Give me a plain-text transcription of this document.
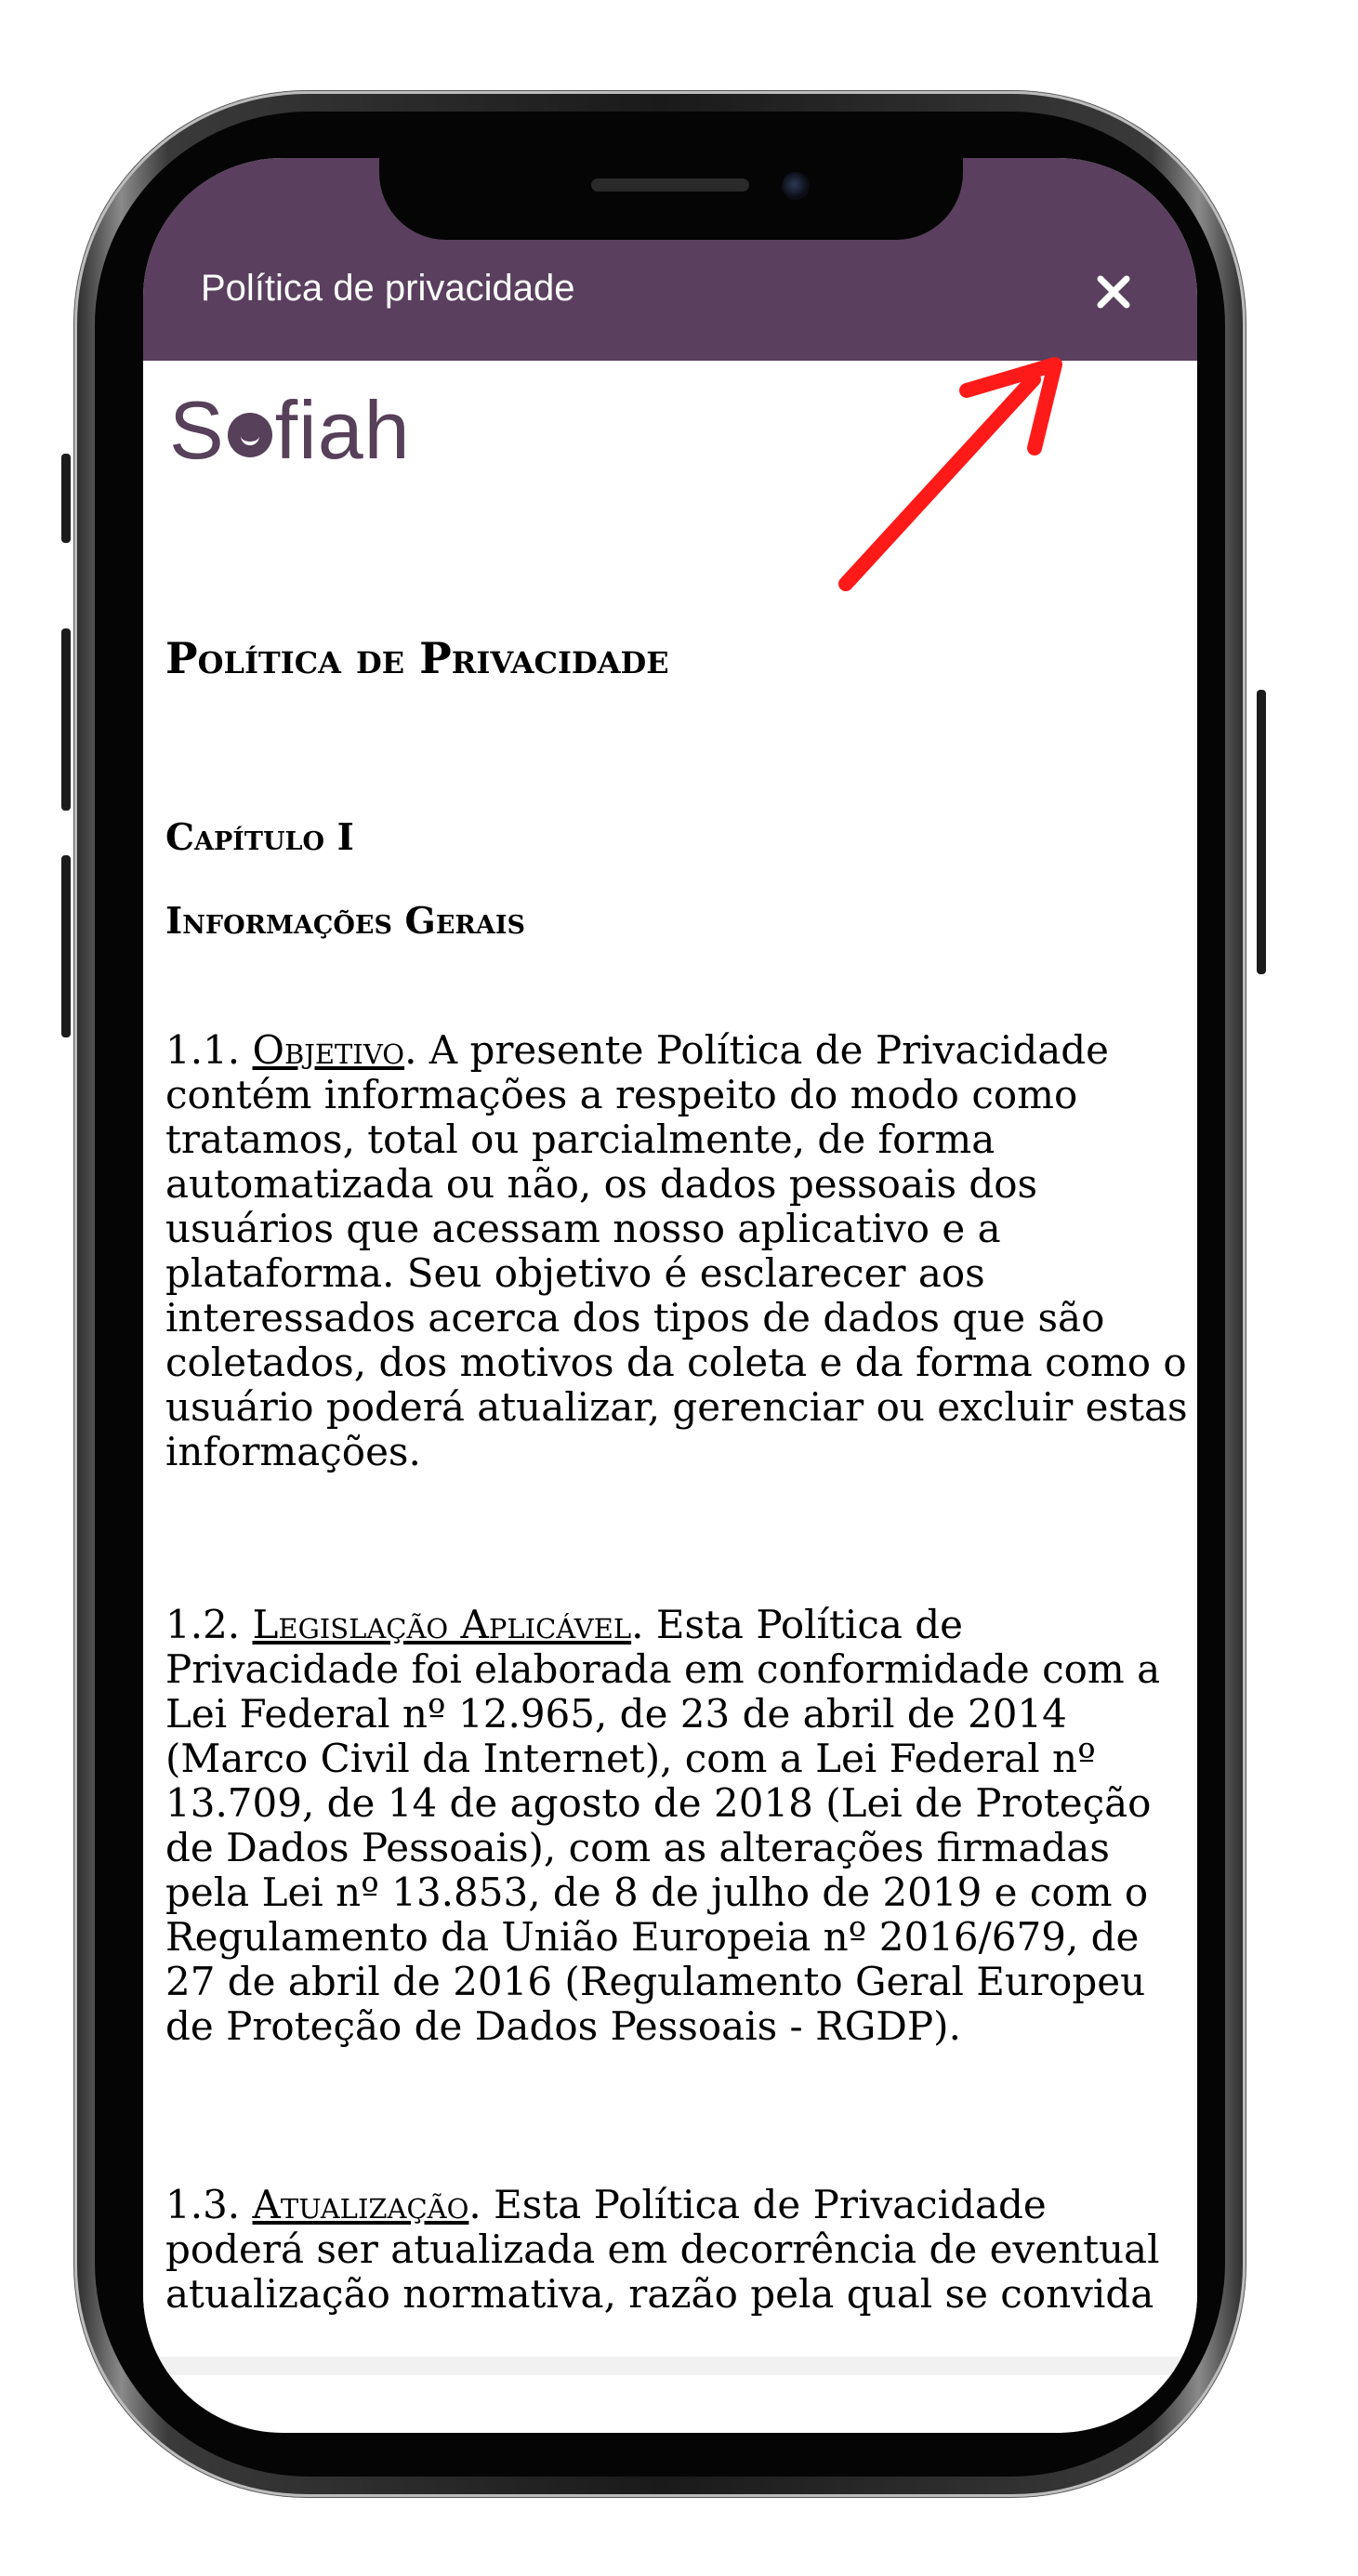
Política de privacidade
S fiah
Política de Privacidade
Capítulo I
Informações Gerais
1.1. Objetivo. A presente Política de Privacidade contém informações a respeito do modo como tratamos, total ou parcialmente, de forma automatizada ou não, os dados pessoais dos usuários que acessam nosso aplicativo e a plataforma. Seu objetivo é esclarecer aos interessados acerca dos tipos de dados que são coletados, dos motivos da coleta e da forma como o usuário poderá atualizar, gerenciar ou excluir estas informações.
1.2. Legislação Aplicável. Esta Política de Privacidade foi elaborada em conformidade com a Lei Federal nº 12.965, de 23 de abril de 2014 (Marco Civil da Internet), com a Lei Federal nº 13.709, de 14 de agosto de 2018 (Lei de Proteção de Dados Pessoais), com as alterações firmadas pela Lei nº 13.853, de 8 de julho de 2019 e com o Regulamento da União Europeia nº 2016/679, de 27 de abril de 2016 (Regulamento Geral Europeu de Proteção de Dados Pessoais - RGDP).
1.3. Atualização. Esta Política de Privacidade poderá ser atualizada em decorrência de eventual atualização normativa, razão pela qual se convida
